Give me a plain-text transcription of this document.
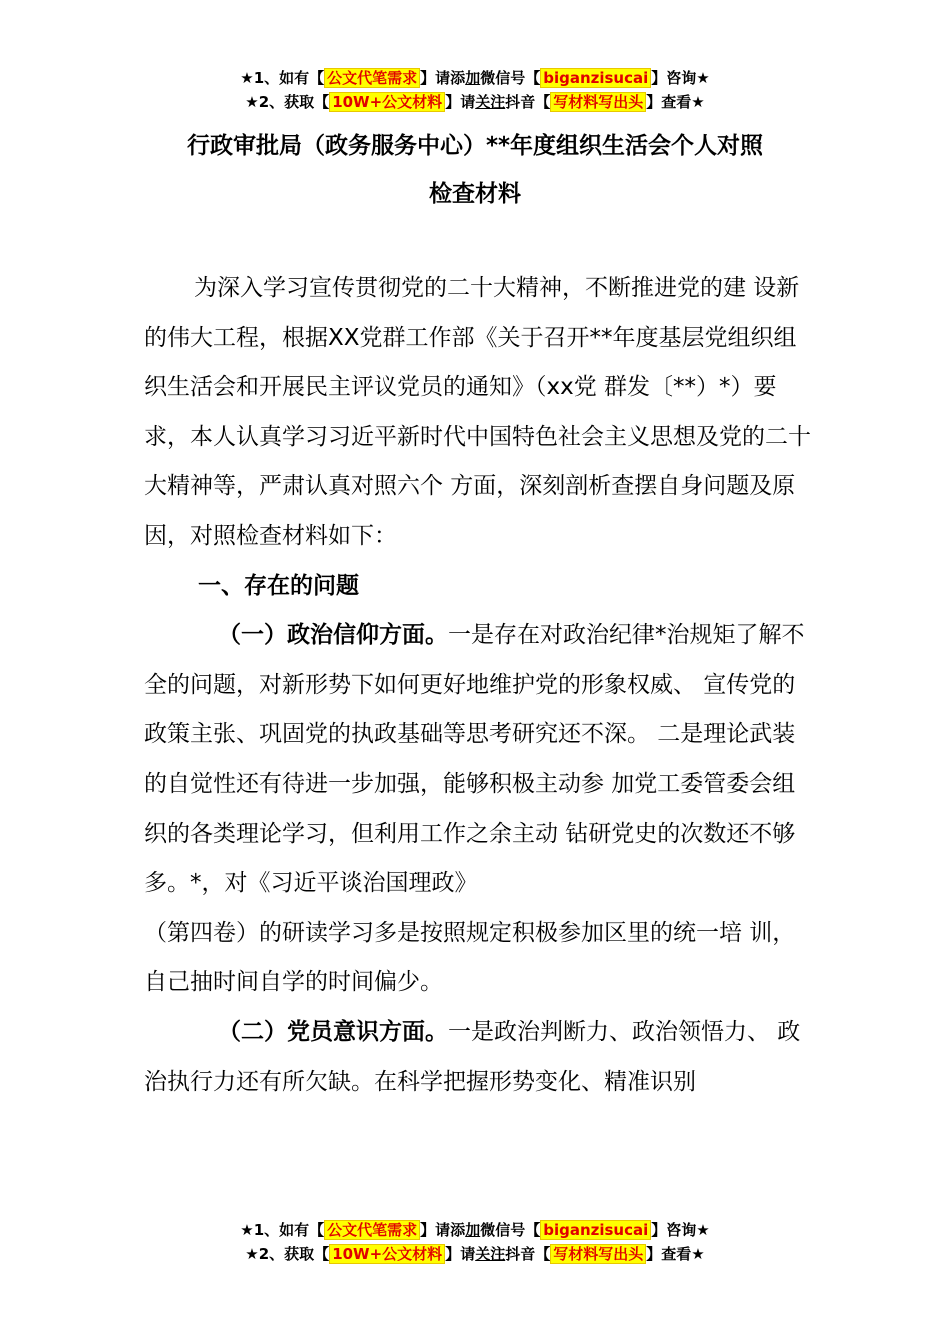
★1、如有【 公文代笔需求 】请添加微信号【 biganzisucai 】咨询★
★2、获取【 10W+公文材料 】请关注抖音【 写材料写出头 】查看★
行政审批局（政务服务中心）**年度组织生活会个人对照
检查材料

为深入学习宣传贯彻党的二十大精神，不断推进党的建 设新的伟大工程，根据XX党群工作部《关于召开**年度基层党组织组织生活会和开展民主评议党员的通知》（xx党 群发〔**）*）要求，本人认真学习习近平新时代中国特色社会主义思想及党的二十大精神等，严肃认真对照六个 方面，深刻剖析查摆自身问题及原因，对照检查材料如下：

一、存在的问题

（一）政治信仰方面。一是存在对政治纪律*治规矩了解不全的问题，对新形势下如何更好地维护党的形象权威、 宣传党的政策主张、巩固党的执政基础等思考研究还不深。 二是理论武装的自觉性还有待进一步加强，能够积极主动参 加党工委管委会组织的各类理论学习，但利用工作之余主动 钻研党史的次数还不够多。*，对《习近平谈治国理政》

（第四卷）的研读学习多是按照规定积极参加区里的统一培 训，自己抽时间自学的时间偏少。

（二）党员意识方面。一是政治判断力、政治领悟力、 政治执行力还有所欠缺。在科学把握形势变化、精准识别

★1、如有【 公文代笔需求 】请添加微信号【 biganzisucai 】咨询★
★2、获取【 10W+公文材料 】请关注抖音【 写材料写出头 】查看★
